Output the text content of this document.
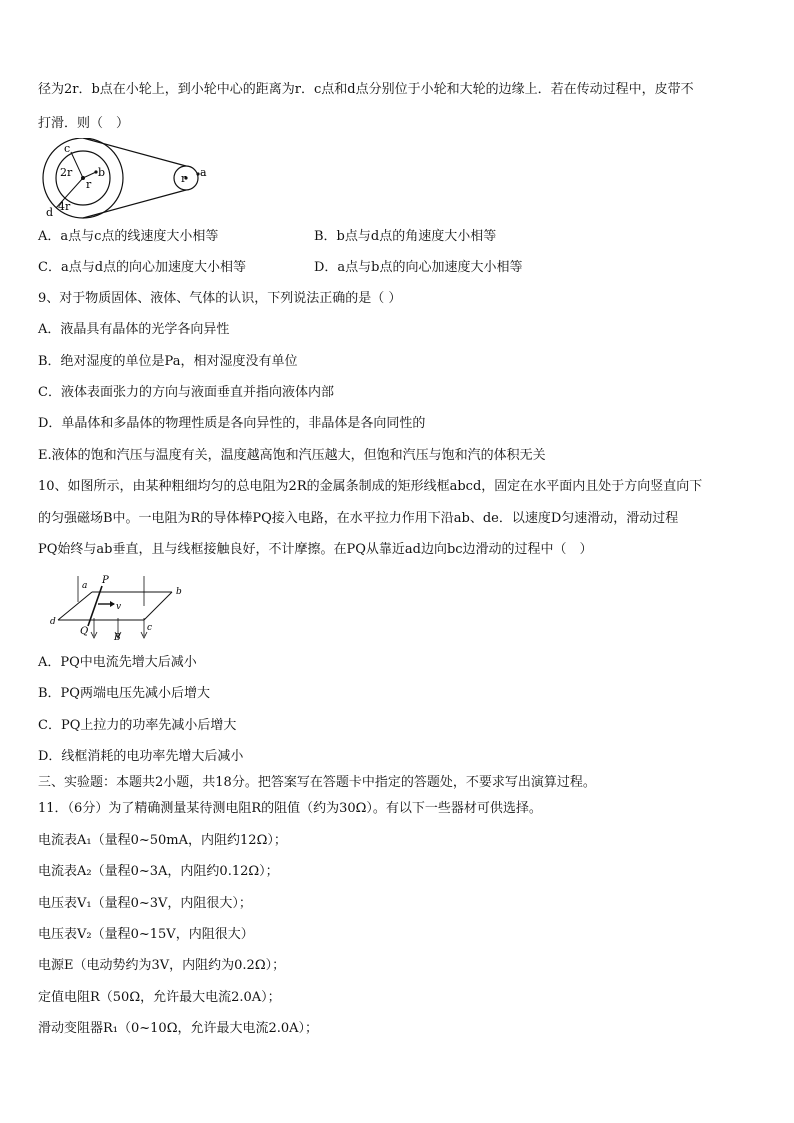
径为2r．b点在小轮上，到小轮中心的距离为r．c点和d点分别位于小轮和大轮的边缘上．若在传动过程中，皮带不
打滑．则（　）
c
2r
r
b
d 4r
r a
A．a点与c点的线速度大小相等	B．b点与d点的角速度大小相等
C．a点与d点的向心加速度大小相等	D．a点与b点的向心加速度大小相等
9、对于物质固体、液体、气体的认识，下列说法正确的是（ ）
A．液晶具有晶体的光学各向异性
B．绝对湿度的单位是Pa，相对湿度没有单位
C．液体表面张力的方向与液面垂直并指向液体内部
D．单晶体和多晶体的物理性质是各向异性的，非晶体是各向同性的
E.液体的饱和汽压与温度有关，温度越高饱和汽压越大，但饱和汽压与饱和汽的体积无关
10、如图所示，由某种粗细均匀的总电阻为2R的金属条制成的矩形线框abcd，固定在水平面内且处于方向竖直向下
的匀强磁场B中。一电阻为R的导体棒PQ接入电路，在水平拉力作用下沿ab、de．以速度D匀速滑动，滑动过程
PQ始终与ab垂直，且与线框接触良好，不计摩擦。在PQ从靠近ad边向bc边滑动的过程中（　）
a P
b
v
d
Q
B
c
A．PQ中电流先增大后减小
B．PQ两端电压先减小后增大
C．PQ上拉力的功率先减小后增大
D．线框消耗的电功率先增大后减小
三、实验题：本题共2小题，共18分。把答案写在答题卡中指定的答题处，不要求写出演算过程。
11．（6分）为了精确测量某待测电阻R的阻值（约为30Ω）。有以下一些器材可供选择。
电流表A₁（量程0~50mA，内阻约12Ω）；
电流表A₂（量程0~3A，内阻约0.12Ω）；
电压表V₁（量程0~3V，内阻很大）；
电压表V₂（量程0~15V，内阻很大）
电源E（电动势约为3V，内阻约为0.2Ω）；
定值电阻R（50Ω，允许最大电流2.0A）；
滑动变阻器R₁（0~10Ω，允许最大电流2.0A）；
